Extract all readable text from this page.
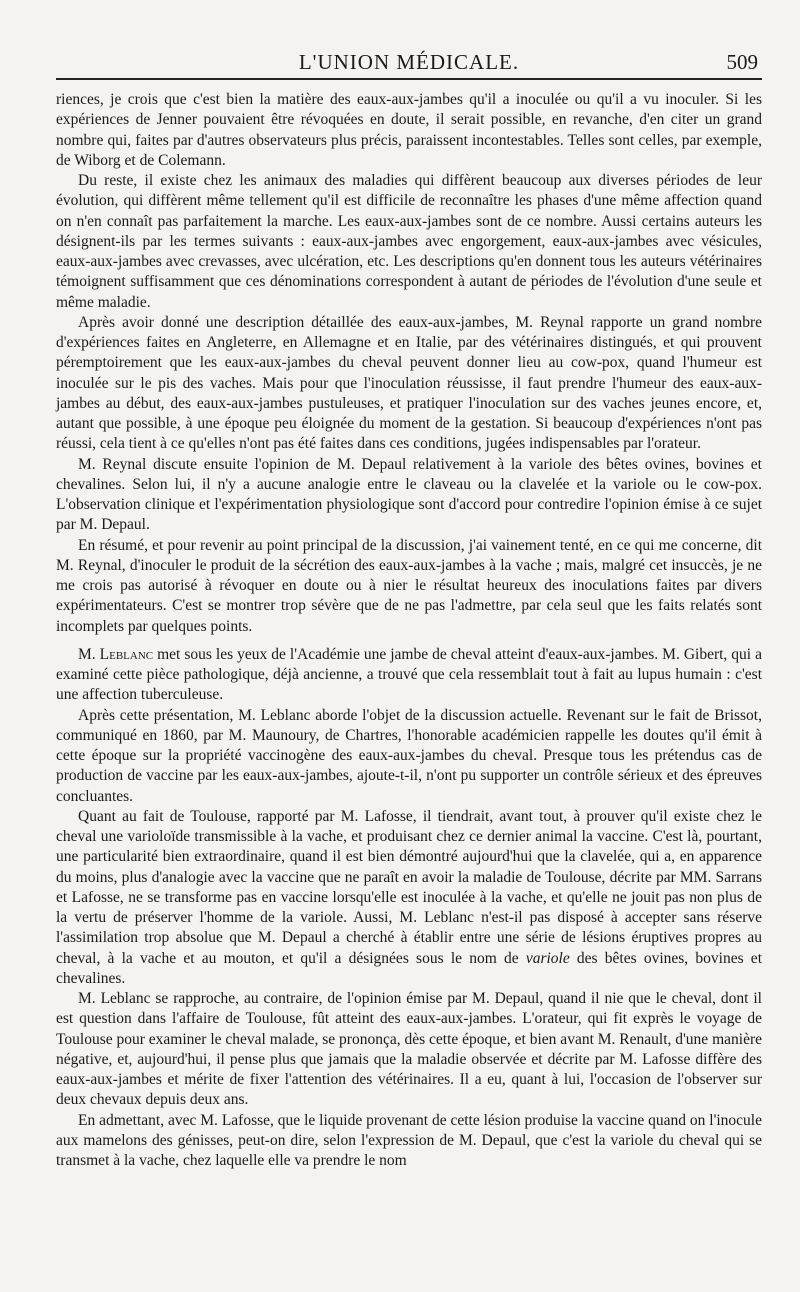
L'UNION MÉDICALE.	509

riences, je crois que c'est bien la matière des eaux-aux-jambes qu'il a inoculée ou qu'il a vu inoculer. Si les expériences de Jenner pouvaient être révoquées en doute, il serait possible, en revanche, d'en citer un grand nombre qui, faites par d'autres observateurs plus précis, paraissent incontestables. Telles sont celles, par exemple, de Wiborg et de Colemann.

Du reste, il existe chez les animaux des maladies qui diffèrent beaucoup aux diverses périodes de leur évolution, qui diffèrent même tellement qu'il est difficile de reconnaître les phases d'une même affection quand on n'en connaît pas parfaitement la marche. Les eaux-aux-jambes sont de ce nombre. Aussi certains auteurs les désignent-ils par les termes suivants : eaux-aux-jambes avec engorgement, eaux-aux-jambes avec vésicules, eaux-aux-jambes avec crevasses, avec ulcération, etc. Les descriptions qu'en donnent tous les auteurs vétérinaires témoignent suffisamment que ces dénominations correspondent à autant de périodes de l'évolution d'une seule et même maladie.

Après avoir donné une description détaillée des eaux-aux-jambes, M. Reynal rapporte un grand nombre d'expériences faites en Angleterre, en Allemagne et en Italie, par des vétérinaires distingués, et qui prouvent péremptoirement que les eaux-aux-jambes du cheval peuvent donner lieu au cow-pox, quand l'humeur est inoculée sur le pis des vaches. Mais pour que l'inoculation réussisse, il faut prendre l'humeur des eaux-aux-jambes au début, des eaux-aux-jambes pustuleuses, et pratiquer l'inoculation sur des vaches jeunes encore, et, autant que possible, à une époque peu éloignée du moment de la gestation. Si beaucoup d'expériences n'ont pas réussi, cela tient à ce qu'elles n'ont pas été faites dans ces conditions, jugées indispensables par l'orateur.

M. Reynal discute ensuite l'opinion de M. Depaul relativement à la variole des bêtes ovines, bovines et chevalines. Selon lui, il n'y a aucune analogie entre le claveau ou la clavelée et la variole ou le cow-pox. L'observation clinique et l'expérimentation physiologique sont d'accord pour contredire l'opinion émise à ce sujet par M. Depaul.

En résumé, et pour revenir au point principal de la discussion, j'ai vainement tenté, en ce qui me concerne, dit M. Reynal, d'inoculer le produit de la sécrétion des eaux-aux-jambes à la vache ; mais, malgré cet insuccès, je ne me crois pas autorisé à révoquer en doute ou à nier le résultat heureux des inoculations faites par divers expérimentateurs. C'est se montrer trop sévère que de ne pas l'admettre, par cela seul que les faits relatés sont incomplets par quelques points.

M. Leblanc met sous les yeux de l'Académie une jambe de cheval atteint d'eaux-aux-jambes. M. Gibert, qui a examiné cette pièce pathologique, déjà ancienne, a trouvé que cela ressemblait tout à fait au lupus humain : c'est une affection tuberculeuse.

Après cette présentation, M. Leblanc aborde l'objet de la discussion actuelle. Revenant sur le fait de Brissot, communiqué en 1860, par M. Maunoury, de Chartres, l'honorable académicien rappelle les doutes qu'il émit à cette époque sur la propriété vaccinogène des eaux-aux-jambes du cheval. Presque tous les prétendus cas de production de vaccine par les eaux-aux-jambes, ajoute-t-il, n'ont pu supporter un contrôle sérieux et des épreuves concluantes.

Quant au fait de Toulouse, rapporté par M. Lafosse, il tiendrait, avant tout, à prouver qu'il existe chez le cheval une varioloïde transmissible à la vache, et produisant chez ce dernier animal la vaccine. C'est là, pourtant, une particularité bien extraordinaire, quand il est bien démontré aujourd'hui que la clavelée, qui a, en apparence du moins, plus d'analogie avec la vaccine que ne paraît en avoir la maladie de Toulouse, décrite par MM. Sarrans et Lafosse, ne se transforme pas en vaccine lorsqu'elle est inoculée à la vache, et qu'elle ne jouit pas non plus de la vertu de préserver l'homme de la variole. Aussi, M. Leblanc n'est-il pas disposé à accepter sans réserve l'assimilation trop absolue que M. Depaul a cherché à établir entre une série de lésions éruptives propres au cheval, à la vache et au mouton, et qu'il a désignées sous le nom de variole des bêtes ovines, bovines et chevalines.

M. Leblanc se rapproche, au contraire, de l'opinion émise par M. Depaul, quand il nie que le cheval, dont il est question dans l'affaire de Toulouse, fût atteint des eaux-aux-jambes. L'orateur, qui fit exprès le voyage de Toulouse pour examiner le cheval malade, se prononça, dès cette époque, et bien avant M. Renault, d'une manière négative, et, aujourd'hui, il pense plus que jamais que la maladie observée et décrite par M. Lafosse diffère des eaux-aux-jambes et mérite de fixer l'attention des vétérinaires. Il a eu, quant à lui, l'occasion de l'observer sur deux chevaux depuis deux ans.

En admettant, avec M. Lafosse, que le liquide provenant de cette lésion produise la vaccine quand on l'inocule aux mamelons des génisses, peut-on dire, selon l'expression de M. Depaul, que c'est la variole du cheval qui se transmet à la vache, chez laquelle elle va prendre le nom
